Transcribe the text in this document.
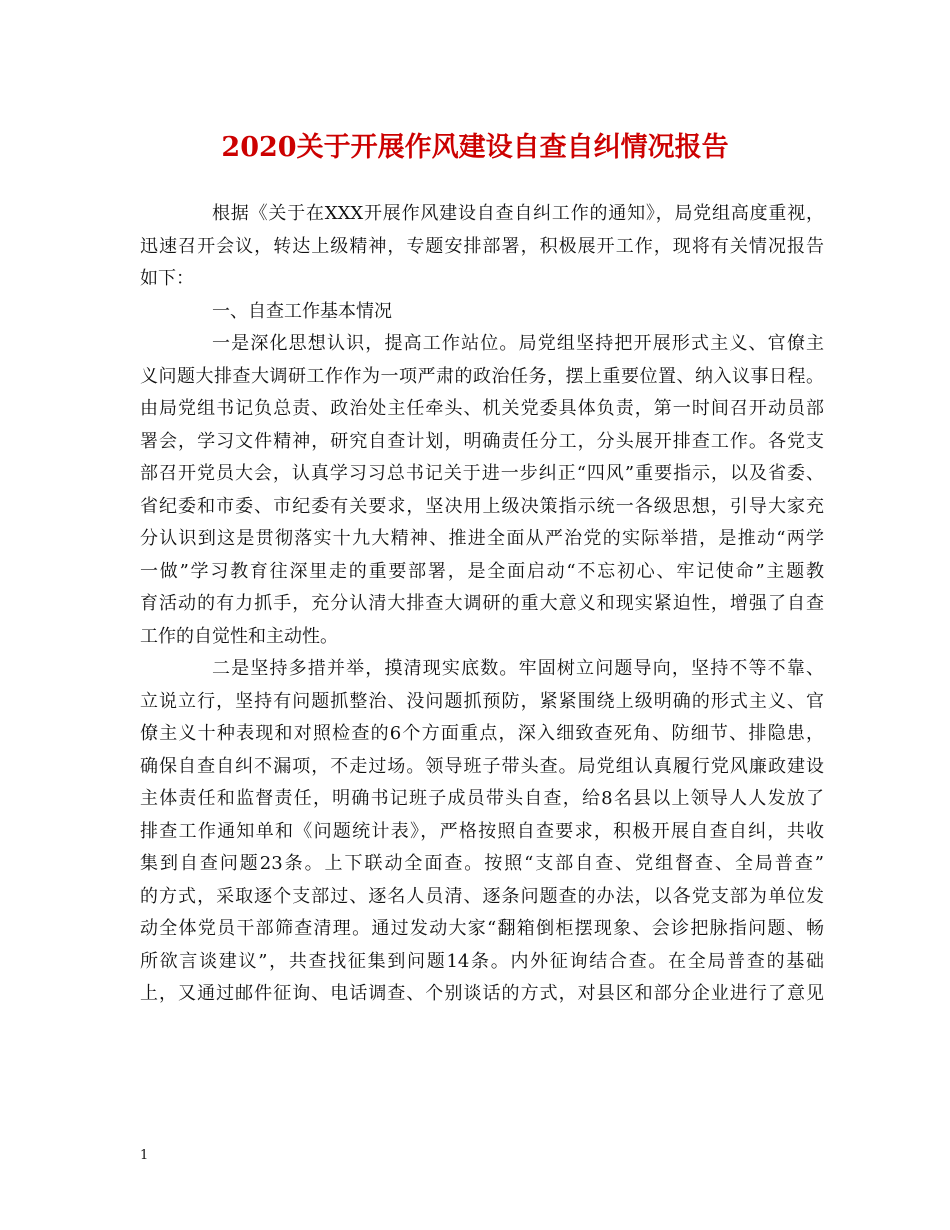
2020关于开展作风建设自查自纠情况报告
根据《关于在XXX开展作风建设自查自纠工作的通知》，局党组高度重视，
迅速召开会议，转达上级精神，专题安排部署，积极展开工作，现将有关情况报告
如下：
一、自查工作基本情况
一是深化思想认识，提高工作站位。局党组坚持把开展形式主义、官僚主
义问题大排查大调研工作作为一项严肃的政治任务，摆上重要位置、纳入议事日程。
由局党组书记负总责、政治处主任牵头、机关党委具体负责，第一时间召开动员部
署会，学习文件精神，研究自查计划，明确责任分工，分头展开排查工作。各党支
部召开党员大会，认真学习习总书记关于进一步纠正“四风”重要指示，以及省委、
省纪委和市委、市纪委有关要求，坚决用上级决策指示统一各级思想，引导大家充
分认识到这是贯彻落实十九大精神、推进全面从严治党的实际举措，是推动“两学
一做”学习教育往深里走的重要部署，是全面启动“不忘初心、牢记使命”主题教
育活动的有力抓手，充分认清大排查大调研的重大意义和现实紧迫性，增强了自查
工作的自觉性和主动性。
二是坚持多措并举，摸清现实底数。牢固树立问题导向，坚持不等不靠、
立说立行，坚持有问题抓整治、没问题抓预防，紧紧围绕上级明确的形式主义、官
僚主义十种表现和对照检查的6个方面重点，深入细致查死角、防细节、排隐患，
确保自查自纠不漏项，不走过场。领导班子带头查。局党组认真履行党风廉政建设
主体责任和监督责任，明确书记班子成员带头自查，给8名县以上领导人人发放了
排查工作通知单和《问题统计表》，严格按照自查要求，积极开展自查自纠，共收
集到自查问题23条。上下联动全面查。按照“支部自查、党组督查、全局普查”
的方式，采取逐个支部过、逐名人员清、逐条问题查的办法，以各党支部为单位发
动全体党员干部筛查清理。通过发动大家“翻箱倒柜摆现象、会诊把脉指问题、畅
所欲言谈建议”，共查找征集到问题14条。内外征询结合查。在全局普查的基础
上，又通过邮件征询、电话调查、个别谈话的方式，对县区和部分企业进行了意见
1
